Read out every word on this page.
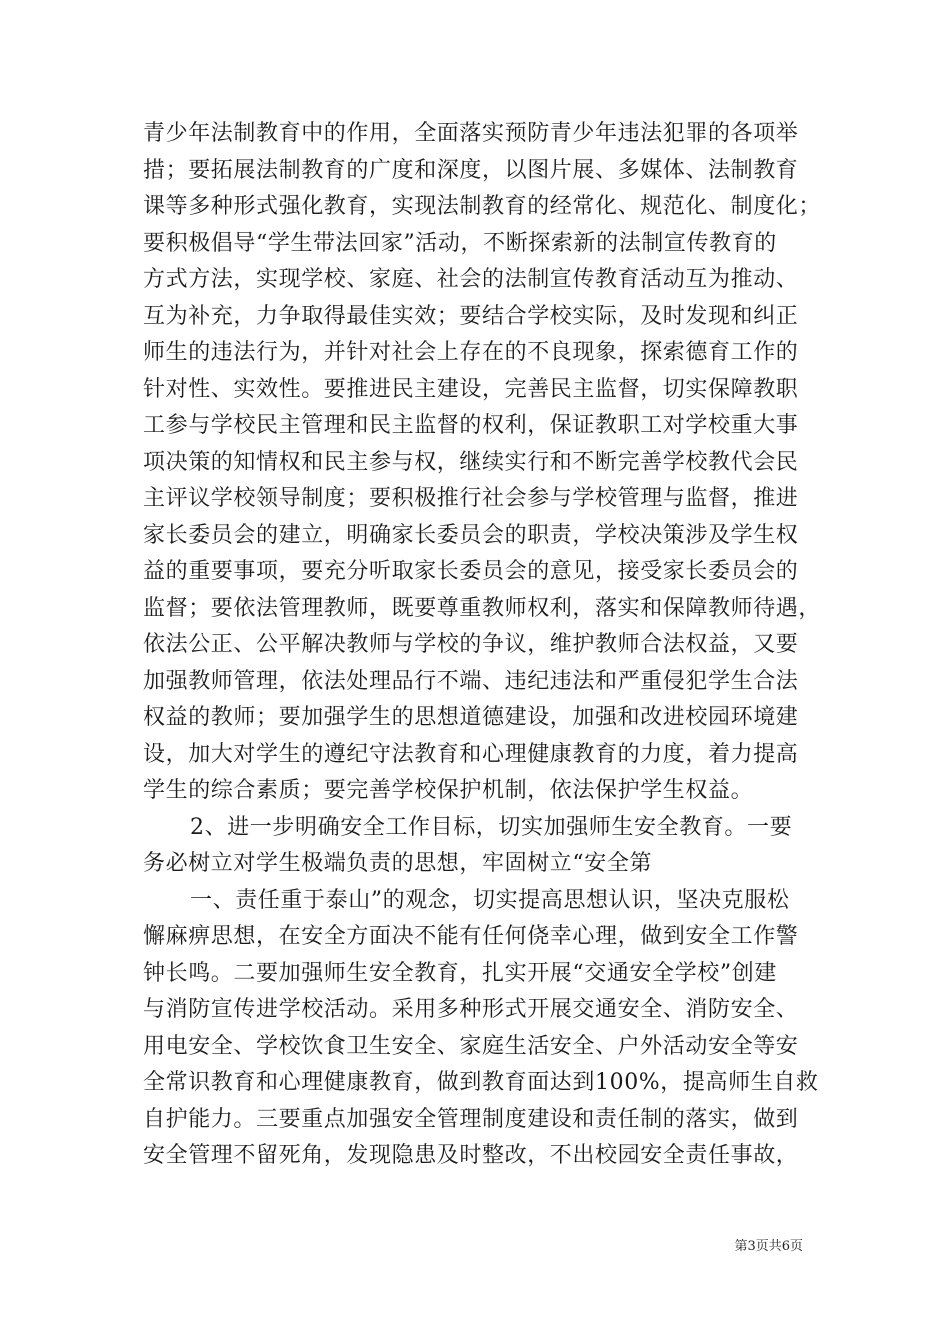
青少年法制教育中的作用，全面落实预防青少年违法犯罪的各项举
措；要拓展法制教育的广度和深度，以图片展、多媒体、法制教育
课等多种形式强化教育，实现法制教育的经常化、规范化、制度化；
要积极倡导“学生带法回家”活动，不断探索新的法制宣传教育的
方式方法，实现学校、家庭、社会的法制宣传教育活动互为推动、
互为补充，力争取得最佳实效；要结合学校实际，及时发现和纠正
师生的违法行为，并针对社会上存在的不良现象，探索德育工作的
针对性、实效性。要推进民主建设，完善民主监督，切实保障教职
工参与学校民主管理和民主监督的权利，保证教职工对学校重大事
项决策的知情权和民主参与权，继续实行和不断完善学校教代会民
主评议学校领导制度；要积极推行社会参与学校管理与监督，推进
家长委员会的建立，明确家长委员会的职责，学校决策涉及学生权
益的重要事项，要充分听取家长委员会的意见，接受家长委员会的
监督；要依法管理教师，既要尊重教师权利，落实和保障教师待遇，
依法公正、公平解决教师与学校的争议，维护教师合法权益，又要
加强教师管理，依法处理品行不端、违纪违法和严重侵犯学生合法
权益的教师；要加强学生的思想道德建设，加强和改进校园环境建
设，加大对学生的遵纪守法教育和心理健康教育的力度，着力提高
学生的综合素质；要完善学校保护机制，依法保护学生权益。
2、进一步明确安全工作目标，切实加强师生安全教育。一要
务必树立对学生极端负责的思想，牢固树立“安全第
一、责任重于泰山”的观念，切实提高思想认识，坚决克服松
懈麻痹思想，在安全方面决不能有任何侥幸心理，做到安全工作警
钟长鸣。二要加强师生安全教育，扎实开展“交通安全学校”创建
与消防宣传进学校活动。采用多种形式开展交通安全、消防安全、
用电安全、学校饮食卫生安全、家庭生活安全、户外活动安全等安
全常识教育和心理健康教育，做到教育面达到100%，提高师生自救
自护能力。三要重点加强安全管理制度建设和责任制的落实，做到
安全管理不留死角，发现隐患及时整改，不出校园安全责任事故，
第3页共6页
